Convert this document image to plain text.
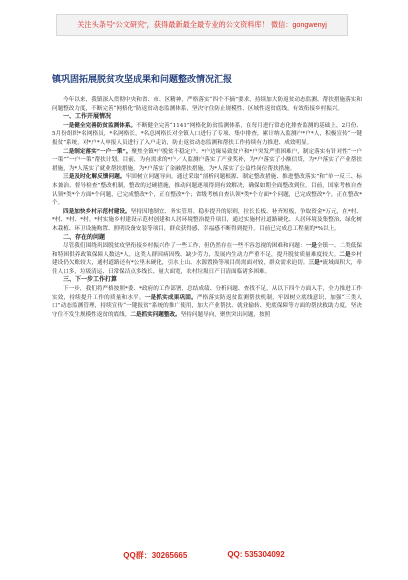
关注头条号“公文研究”，获得最新最全最专业的公文资料库！ 微信：gongwenyj
镇巩固拓展脱贫攻坚成果和问题整改情况汇报

今年以来，我镇深入贯彻中央和省、市、区精神，严格落实“四个不摘”要求，持续加大防返贫动态监测、帮扶措施落实和问题整改力度，不断完善“网格化”防返贫动态监测体系，坚决守住防止规模性、区域性返贫底线，有效衔接乡村振兴。

一、工作开展情况

一是健全完善防贫监测体系。不断健全完善“1141”网格化防贫监测体系，在每月进行常态化排查监测的基础上，2月份、5月份组织*名网格员，*名网格长，*名总网格长对全镇人口进行了专项、集中排查，累计纳入监测户*户*人，积极宣传“一键报贫”系统，对*户*人申报人员进行了入户走访，防止返贫动态监测和帮扶工作持续有力推进、成效明显。

二是制定落实“一户一策”。聚焦全镇*户脱贫不稳定户、*户边缘易致贫户和*户突发严重困难户，制定落实有针对性“一户一策”“一户一策”帮扶计划。目前，为有需求的*户／人监测户落实了产业奖补，为*户落实了小额信贷，为*户落实了产业帮扶措施，为*人落实了就业帮扶措施，为*户落实了金融帮扶措施，为*人落实了公益性岗位帮扶措施。

三是及时化解反馈问题。牢固树立问题导向，通过采取“剖析问题根源、制定整改措施、推进整改落实”和“单一反三、标本兼治、督导检查”整改机制，整改的过硬措施，推动问题逐项得到有效解决，确保如期全面整改到位。目前，国家考核自查认领*类*个方面*个问题，已完成整改*个，正在整改*个；省级考核自查认领*类*个方面*个问题，已完成整改*个，正在整改*个。

四是加快乡村示范村建设。坚持因地制宜、务实管用、稳步提升的原则，拉长长板、补齐短板，争取资金*万元，在*村、*村、*村、*村。*村实施乡村建设示范村创建和人居环境整治提升项目，通过实施村社道路硬化、人居环境及集整治、绿化树木栽植、环卫设施购置、照明设备安装等项目，群众获得感、幸福感不断得到提升。目前已完成总工程量的*%以上。

二、存在的问题

尽管我们围绕巩固脱贫攻坚衔接乡村振兴作了一些工作，但仍然存在一些不容忽视的困难和问题：一是全镇一、二类低保和特困供养政策保障人数达*人，这类人群因病因残、缺少劳力，发展内生动力严重不足，提升脱贫质量难度较大。二是乡村建设仍欠账较大，通村道路还有*公里未硬化，引水上山、水源置换等项目尚需面对较，群众需求迫切。三是*流域面积大，牵住人口多，垃圾清运、日常保洁点多线长、量大面宽，农村垃圾日产日清面临诸多困难。

三、下一步工作打算

下一步，我们将严格按照*委、*政府的工作部署，总结成绩、分析问题、查找不足，从以下四个方面入手，全力推进工作实效，持续提升工作的质量和水平。一是抓实成果巩固。严格落实防返贫监测帮扶机制，牢固树立底线意识，加强“三类人口”动态监测管理，持续宣传“一键报贫”系统的推广使用，加大产业帮扶、就业输转、兜底保障等方面的帮扶救助力度，坚决守住不发生规模性返贫的底线。二是抓实问题整改。坚持问题导向，聚焦突出问题，按照

QQ群：30265665	QQ: 535304092
